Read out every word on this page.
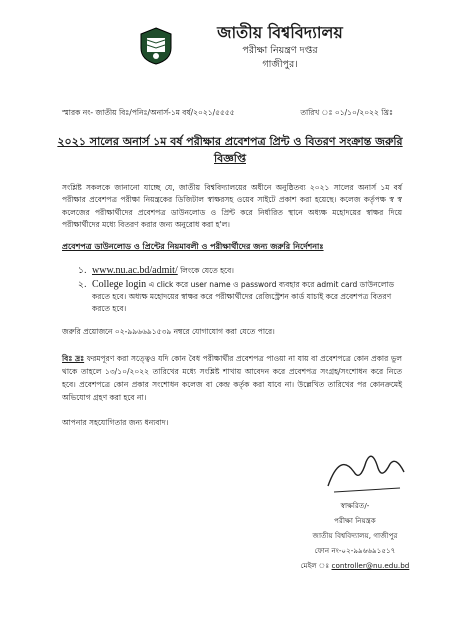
জাতীয় বিশ্ববিদ্যালয়
পরীক্ষা নিয়ন্ত্রণ দপ্তর
গাজীপুর।
স্মারক নং- জাতীয় বিঃ/পনিঃ/অনার্স-১ম বর্ষ/২০২১/৫৫৫৫	তারিখ ঃ ০১/১০/২০২২ খ্রিঃ
২০২১ সালের অনার্স ১ম বর্ষ পরীক্ষার প্রবেশপত্র প্রিন্ট ও বিতরণ সংক্রান্ত জরুরি বিজ্ঞপ্তি
সংশ্লিষ্ট সকলকে জানানো যাচ্ছে যে, জাতীয় বিশ্ববিদ্যালয়ের অধীনে অনুষ্ঠিতব্য ২০২১ সালের অনার্স ১ম বর্ষ পরীক্ষার প্রবেশপত্র পরীক্ষা নিয়ন্ত্রকের ডিজিটাল স্বাক্ষরসহ ওয়েব সাইটে প্রকাশ করা হয়েছে। কলেজ কর্তৃপক্ষ স্ব স্ব কলেজের পরীক্ষার্থীদের প্রবেশপত্র ডাউনলোড ও প্রিন্ট করে নির্ধারিত স্থানে অধ্যক্ষ মহোদয়ের স্বাক্ষর দিয়ে পরীক্ষার্থীদের মধ্যে বিতরণ করার জন্য অনুরোধ করা হ'ল।
প্রবেশপত্র ডাউনলোড ও প্রিন্টের নিয়মাবলী ও পরীক্ষার্থীদের জন্য জরুরি নির্দেশনাঃ
১. www.nu.ac.bd/admit/ লিংকে যেতে হবে।
২. College login এ click করে user name ও password ব্যবহার করে admit card ডাউনলোড করতে হবে। অধ্যক্ষ মহোদয়ের স্বাক্ষর করে পরীক্ষার্থীদের রেজিস্ট্রেশন কার্ড যাচাই করে প্রবেশপত্র বিতরণ করতে হবে।
জরুরি প্রয়োজনে ০২-৯৯৬৬৯১৫৩৯ নম্বরে যোগাযোগ করা যেতে পারে।
বিঃ দ্রঃ ফরমপূরণ করা সত্ত্বেও যদি কোন বৈধ পরীক্ষার্থীর প্রবেশপত্র পাওয়া না যায় বা প্রবেশপত্রে কোন প্রকার ভুল থাকে তাহলে ১৩/১০/২০২২ তারিখের মধ্যে সংশ্লিষ্ট শাখায় আবেদন করে প্রবেশপত্র সংগ্রহ/সংশোধন করে নিতে হবে। প্রবেশপত্রে কোন প্রকার সংশোধন কলেজ বা কেন্দ্র কর্তৃক করা যাবে না। উল্লেখিত তারিখের পর কোনক্রমেই অভিযোগ গ্রহণ করা হবে না।
আপনার সহযোগিতার জন্য ধন্যবাদ।
স্বাক্ষরিত/-
পরীক্ষা নিয়ন্ত্রক
জাতীয় বিশ্ববিদ্যালয়, গাজীপুর
ফোন নং-০২-৯৯৬৬৯১৫১৭
মেইল ঃ controller@nu.edu.bd
